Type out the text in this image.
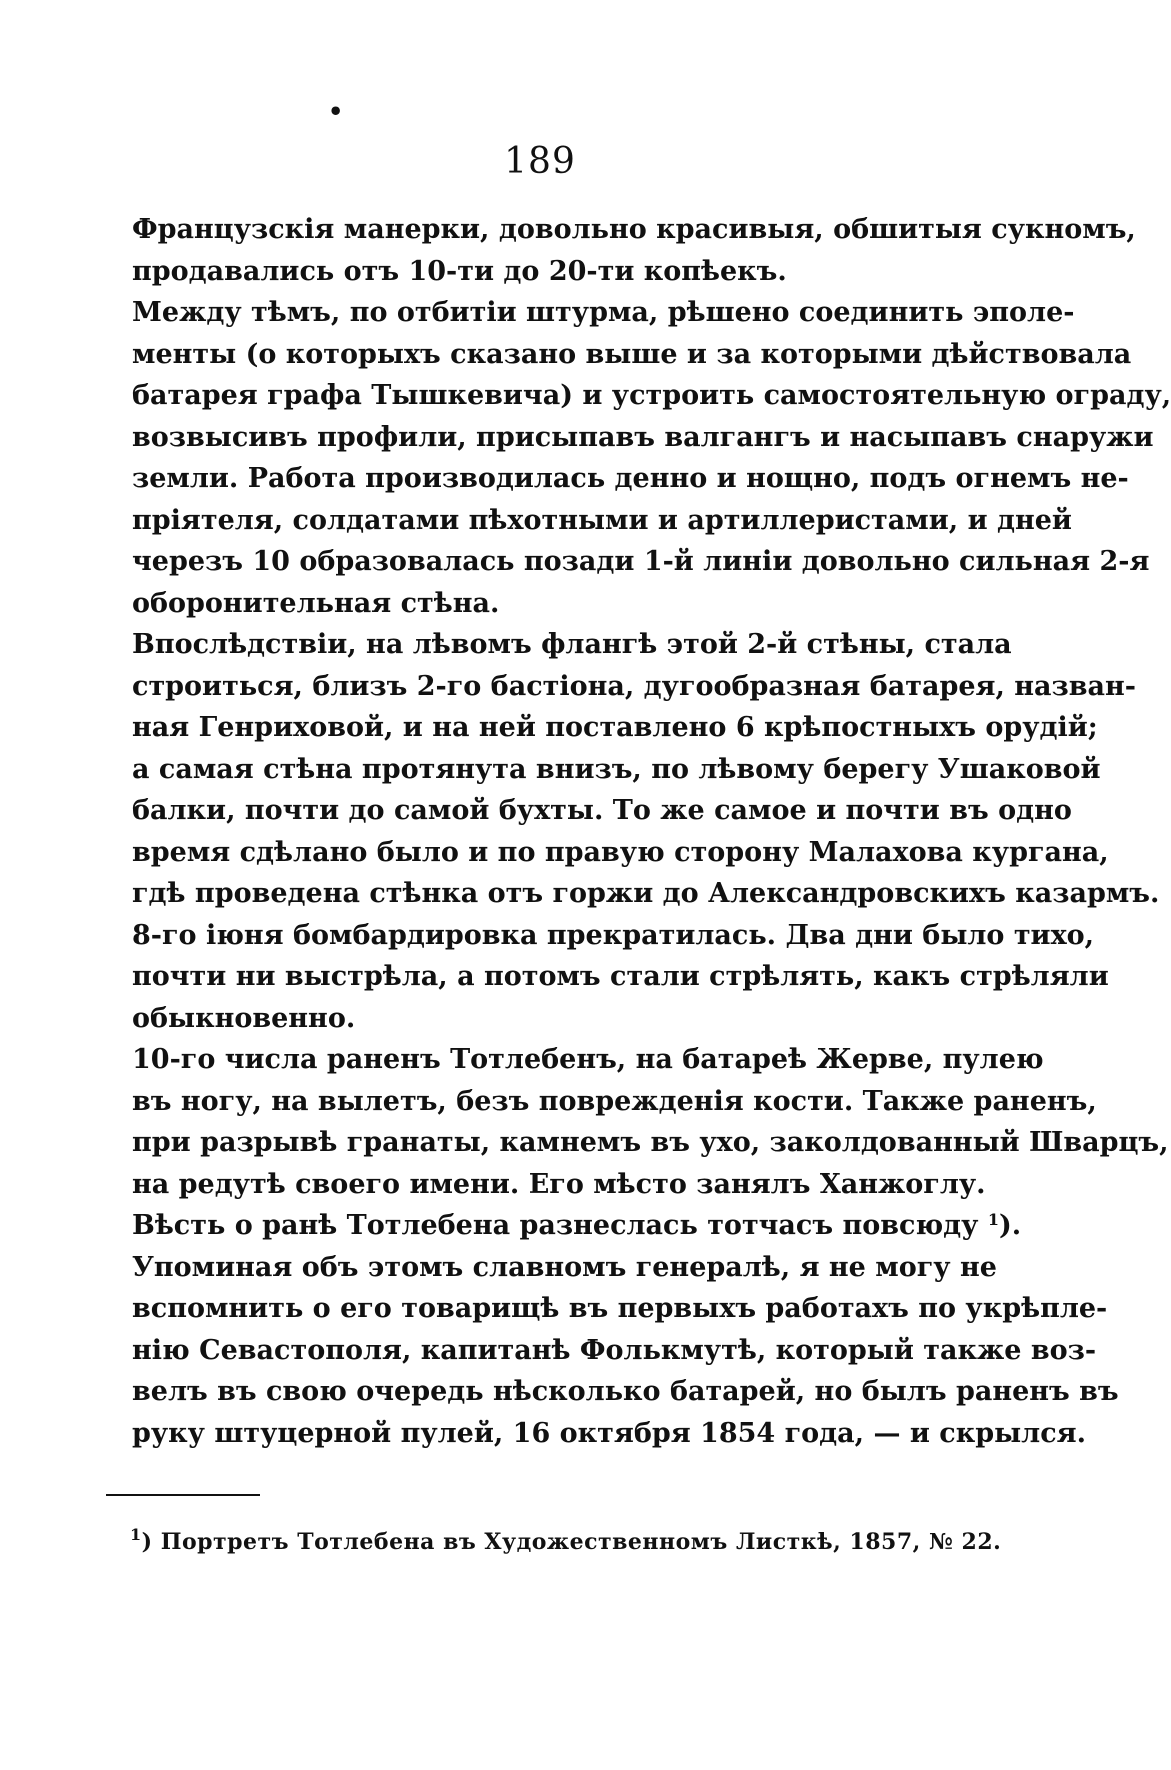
•
189
Французскія манерки, довольно красивыя, обшитыя сукномъ,
продавались отъ 10-ти до 20-ти копѣекъ.
Между тѣмъ, по отбитіи штурма, рѣшено соединить эполе-
менты (о которыхъ сказано выше и за которыми дѣйствовала
батарея графа Тышкевича) и устроить самостоятельную ограду,
возвысивъ профили, присыпавъ валгангъ и насыпавъ снаружи
земли. Работа производилась денно и нощно, подъ огнемъ не-
пріятеля, солдатами пѣхотными и артиллеристами, и дней
черезъ 10 образовалась позади 1-й линіи довольно сильная 2-я
оборонительная стѣна.
Впослѣдствіи, на лѣвомъ флангѣ этой 2-й стѣны, стала
строиться, близъ 2-го бастіона, дугообразная батарея, назван-
ная Генриховой, и на ней поставлено 6 крѣпостныхъ орудій;
а самая стѣна протянута внизъ, по лѣвому берегу Ушаковой
балки, почти до самой бухты. То же самое и почти въ одно
время сдѣлано было и по правую сторону Малахова кургана,
гдѣ проведена стѣнка отъ горжи до Александровскихъ казармъ.
8-го іюня бомбардировка прекратилась. Два дни было тихо,
почти ни выстрѣла, а потомъ стали стрѣлять, какъ стрѣляли
обыкновенно.
10-го числа раненъ Тотлебенъ, на батареѣ Жерве, пулею
въ ногу, на вылетъ, безъ поврежденія кости. Также раненъ,
при разрывѣ гранаты, камнемъ въ ухо, заколдованный Шварцъ,
на редутѣ своего имени. Его мѣсто занялъ Ханжоглу.
Вѣсть о ранѣ Тотлебена разнеслась тотчасъ повсюду $^1$).
Упоминая объ этомъ славномъ генералѣ, я не могу не
вспомнить о его товарищѣ въ первыхъ работахъ по укрѣпле-
нію Севастополя, капитанѣ Фолькмутѣ, который также воз-
велъ въ свою очередь нѣсколько батарей, но былъ раненъ въ
руку штуцерной пулей, 16 октября 1854 года, — и скрылся.
$^1$) Портретъ Тотлебена въ Художественномъ Листкѣ, 1857, № 22.
